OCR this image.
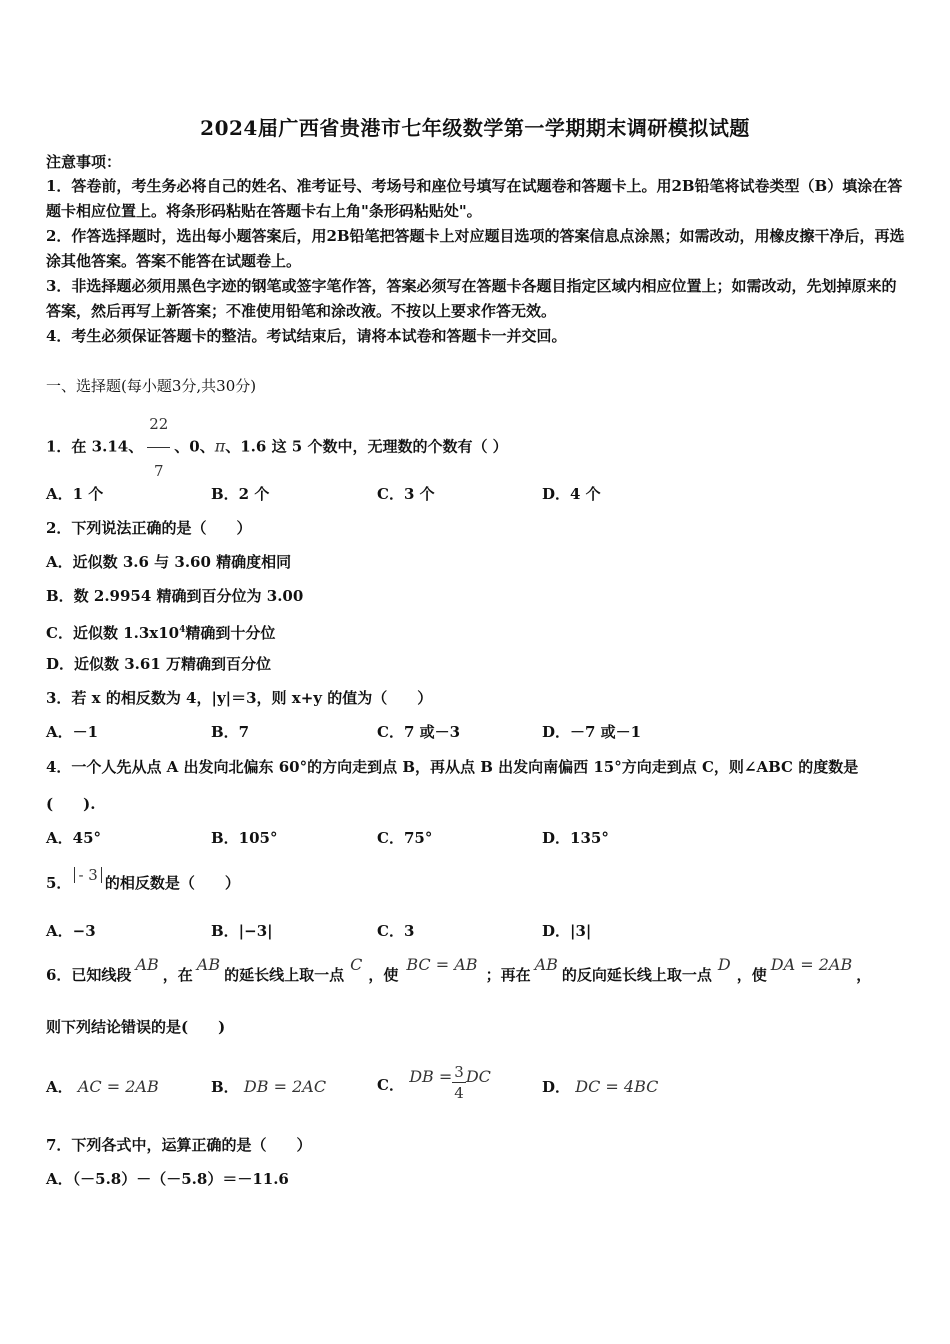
2024届广西省贵港市七年级数学第一学期期末调研模拟试题
注意事项：
1．答卷前，考生务必将自己的姓名、准考证号、考场号和座位号填写在试题卷和答题卡上。用2B铅笔将试卷类型（B）填涂在答题卡相应位置上。将条形码粘贴在答题卡右上角"条形码粘贴处"。
2．作答选择题时，选出每小题答案后，用2B铅笔把答题卡上对应题目选项的答案信息点涂黑；如需改动，用橡皮擦干净后，再选涂其他答案。答案不能答在试题卷上。
3．非选择题必须用黑色字迹的钢笔或签字笔作答，答案必须写在答题卡各题目指定区域内相应位置上；如需改动，先划掉原来的答案，然后再写上新答案；不准使用铅笔和涂改液。不按以上要求作答无效。
4．考生必须保证答题卡的整洁。考试结束后，请将本试卷和答题卡一并交回。
一、选择题(每小题3分,共30分)
1．在 3.14、 $\frac{22}{7}$ 、0、π、1.6 这 5 个数中，无理数的个数有（ ）
A．1 个	B．2 个	C．3 个	D．4 个
2．下列说法正确的是（　　）
A．近似数 3.6 与 3.60 精确度相同
B．数 2.9954 精确到百分位为 3.00
C．近似数 $1.3x10^4$精确到十分位
D．近似数 3.61 万精确到百分位
3．若 x 的相反数为 4，|y|＝3，则 x+y 的值为（　　）
A．－1	B．7	C．7 或－3	D．－7 或－1
4．一个人先从点 A 出发向北偏东 60°的方向走到点 B，再从点 B 出发向南偏西 15°方向走到点 C，则∠ABC 的度数是
(　　).
A．45°	B．105°	C．75°	D．135°
5． - 3 的相反数是（　　）
A．−3	B．|−3|	C．3	D．|3|
6．已知线段AB，在AB的延长线上取一点C，使BC = AB；再在AB的反向延长线上取一点D，使DA = 2AB，
则下列结论错误的是(　　)
A． AC = 2AB	B． DB = 2AC	C． DB = $\frac{3}{4}$ DC
D． DC = 4BC
7．下列各式中，运算正确的是（　　）
A．（－5.8）－（－5.8）＝－11.6
